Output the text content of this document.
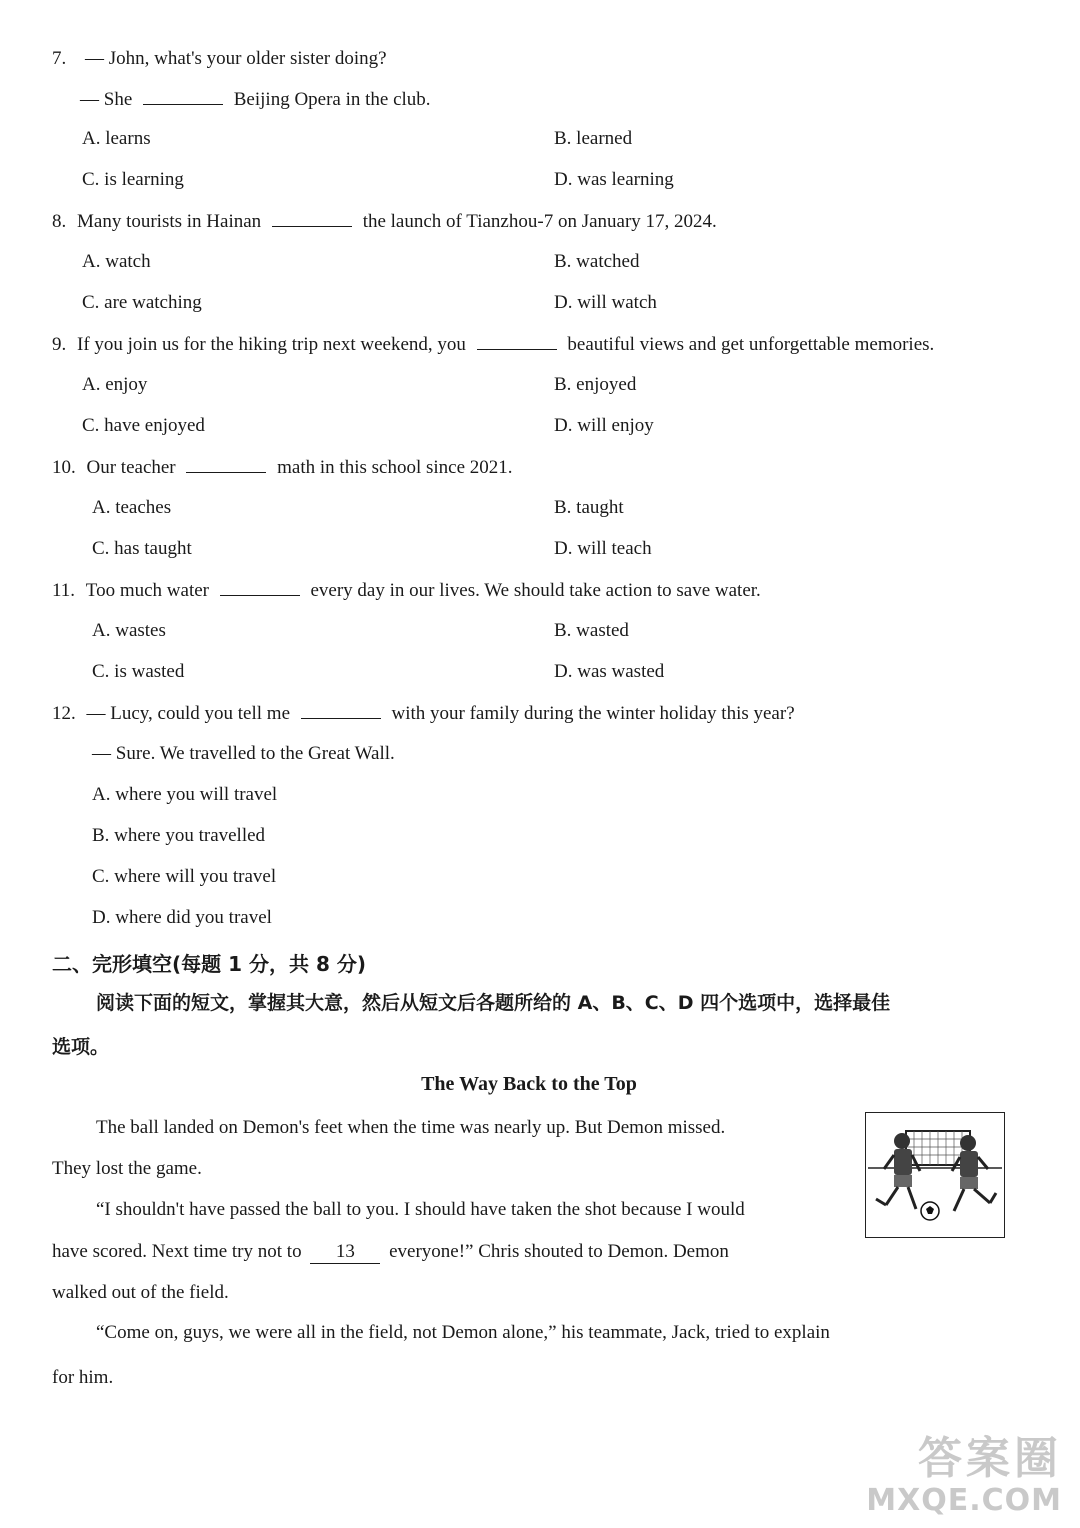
7. — John, what's your older sister doing?
— She	Beijing Opera in the club.
A. learns	B. learned
C. is learning	D. was learning
8. Many tourists in Hainan	the launch of Tianzhou-7 on January 17, 2024.
A. watch	B. watched
C. are watching	D. will watch
9. If you join us for the hiking trip next weekend, you	beautiful views and get unforgettable memories.
A. enjoy	B. enjoyed
C. have enjoyed	D. will enjoy
10. Our teacher	math in this school since 2021.
A. teaches	B. taught
C. has taught	D. will teach
11. Too much water	every day in our lives. We should take action to save water.
A. wastes	B. wasted
C. is wasted	D. was wasted
12. — Lucy, could you tell me	with your family during the winter holiday this year?
— Sure. We travelled to the Great Wall.
A. where you will travel
B. where you travelled
C. where will you travel
D. where did you travel
二、完形填空(每题 1 分，共 8 分)
阅读下面的短文，掌握其大意，然后从短文后各题所给的 A、B、C、D 四个选项中，选择最佳
选项。
The Way Back to the Top
The ball landed on Demon's feet when the time was nearly up. But Demon missed.
They lost the game.
“I shouldn't have passed the ball to you. I should have taken the shot because I would
have scored. Next time try not to 13 everyone!” Chris shouted to Demon. Demon
walked out of the field.
“Come on, guys, we were all in the field, not Demon alone,” his teammate, Jack, tried to explain
for him.
答案圈
MXQE.COM
